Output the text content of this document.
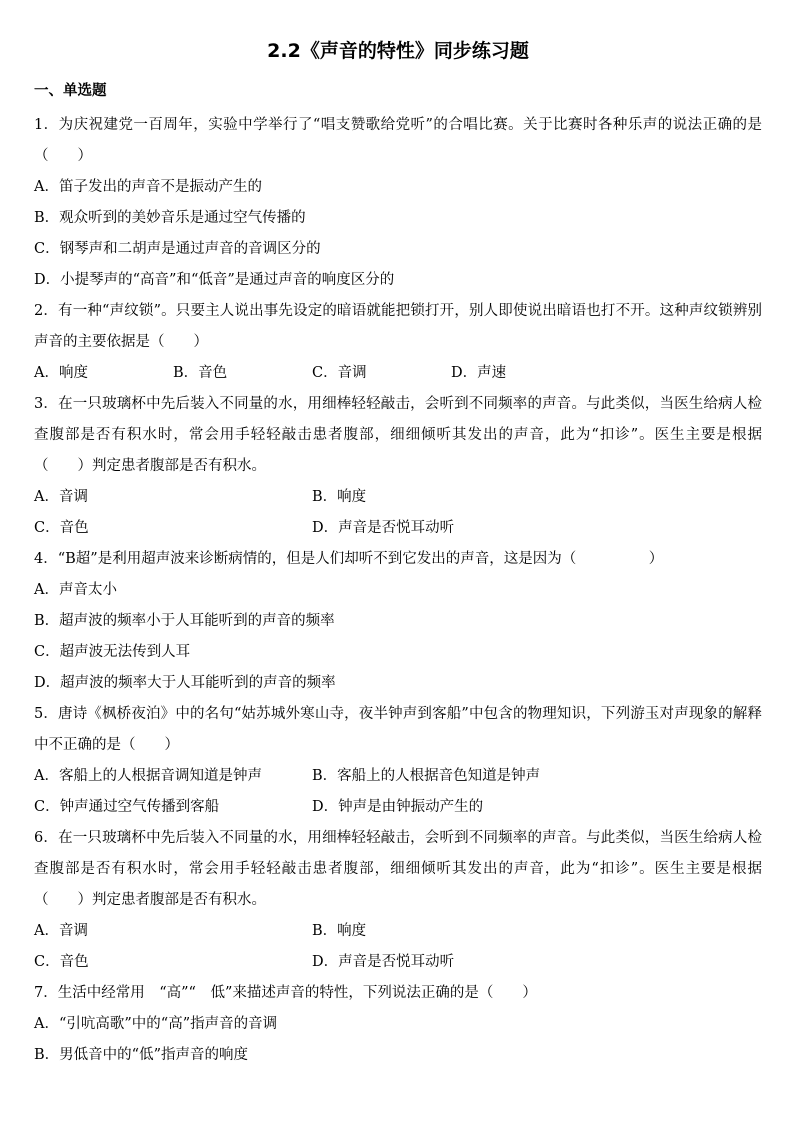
2.2《声音的特性》同步练习题
一、单选题
1．为庆祝建党一百周年，实验中学举行了“唱支赞歌给党听”的合唱比赛。关于比赛时各种乐声的说法正确的是（　　）
A．笛子发出的声音不是振动产生的
B．观众听到的美妙音乐是通过空气传播的
C．钢琴声和二胡声是通过声音的音调区分的
D．小提琴声的“高音”和“低音”是通过声音的响度区分的
2．有一种“声纹锁”。只要主人说出事先设定的暗语就能把锁打开，别人即使说出暗语也打不开。这种声纹锁辨别声音的主要依据是（　　）
A．响度	B．音色	C．音调	D．声速
3．在一只玻璃杯中先后装入不同量的水，用细棒轻轻敲击，会听到不同频率的声音。与此类似，当医生给病人检查腹部是否有积水时，常会用手轻轻敲击患者腹部，细细倾听其发出的声音，此为“扣诊”。医生主要是根据（　　）判定患者腹部是否有积水。
A．音调	B．响度
C．音色	D．声音是否悦耳动听
4．“B超”是利用超声波来诊断病情的，但是人们却听不到它发出的声音，这是因为（　　　　　）
A．声音太小
B．超声波的频率小于人耳能听到的声音的频率
C．超声波无法传到人耳
D．超声波的频率大于人耳能听到的声音的频率
5．唐诗《枫桥夜泊》中的名句“姑苏城外寒山寺，夜半钟声到客船”中包含的物理知识，下列游玉对声现象的解释中不正确的是（　　）
A．客船上的人根据音调知道是钟声	B．客船上的人根据音色知道是钟声
C．钟声通过空气传播到客船	D．钟声是由钟振动产生的
6．在一只玻璃杯中先后装入不同量的水，用细棒轻轻敲击，会听到不同频率的声音。与此类似，当医生给病人检查腹部是否有积水时，常会用手轻轻敲击患者腹部，细细倾听其发出的声音，此为“扣诊”。医生主要是根据（　　）判定患者腹部是否有积水。
A．音调	B．响度
C．音色	D．声音是否悦耳动听
7．生活中经常用　“高”“　低”来描述声音的特性，下列说法正确的是（　　）
A．“引吭高歌”中的“高”指声音的音调
B．男低音中的“低”指声音的响度
